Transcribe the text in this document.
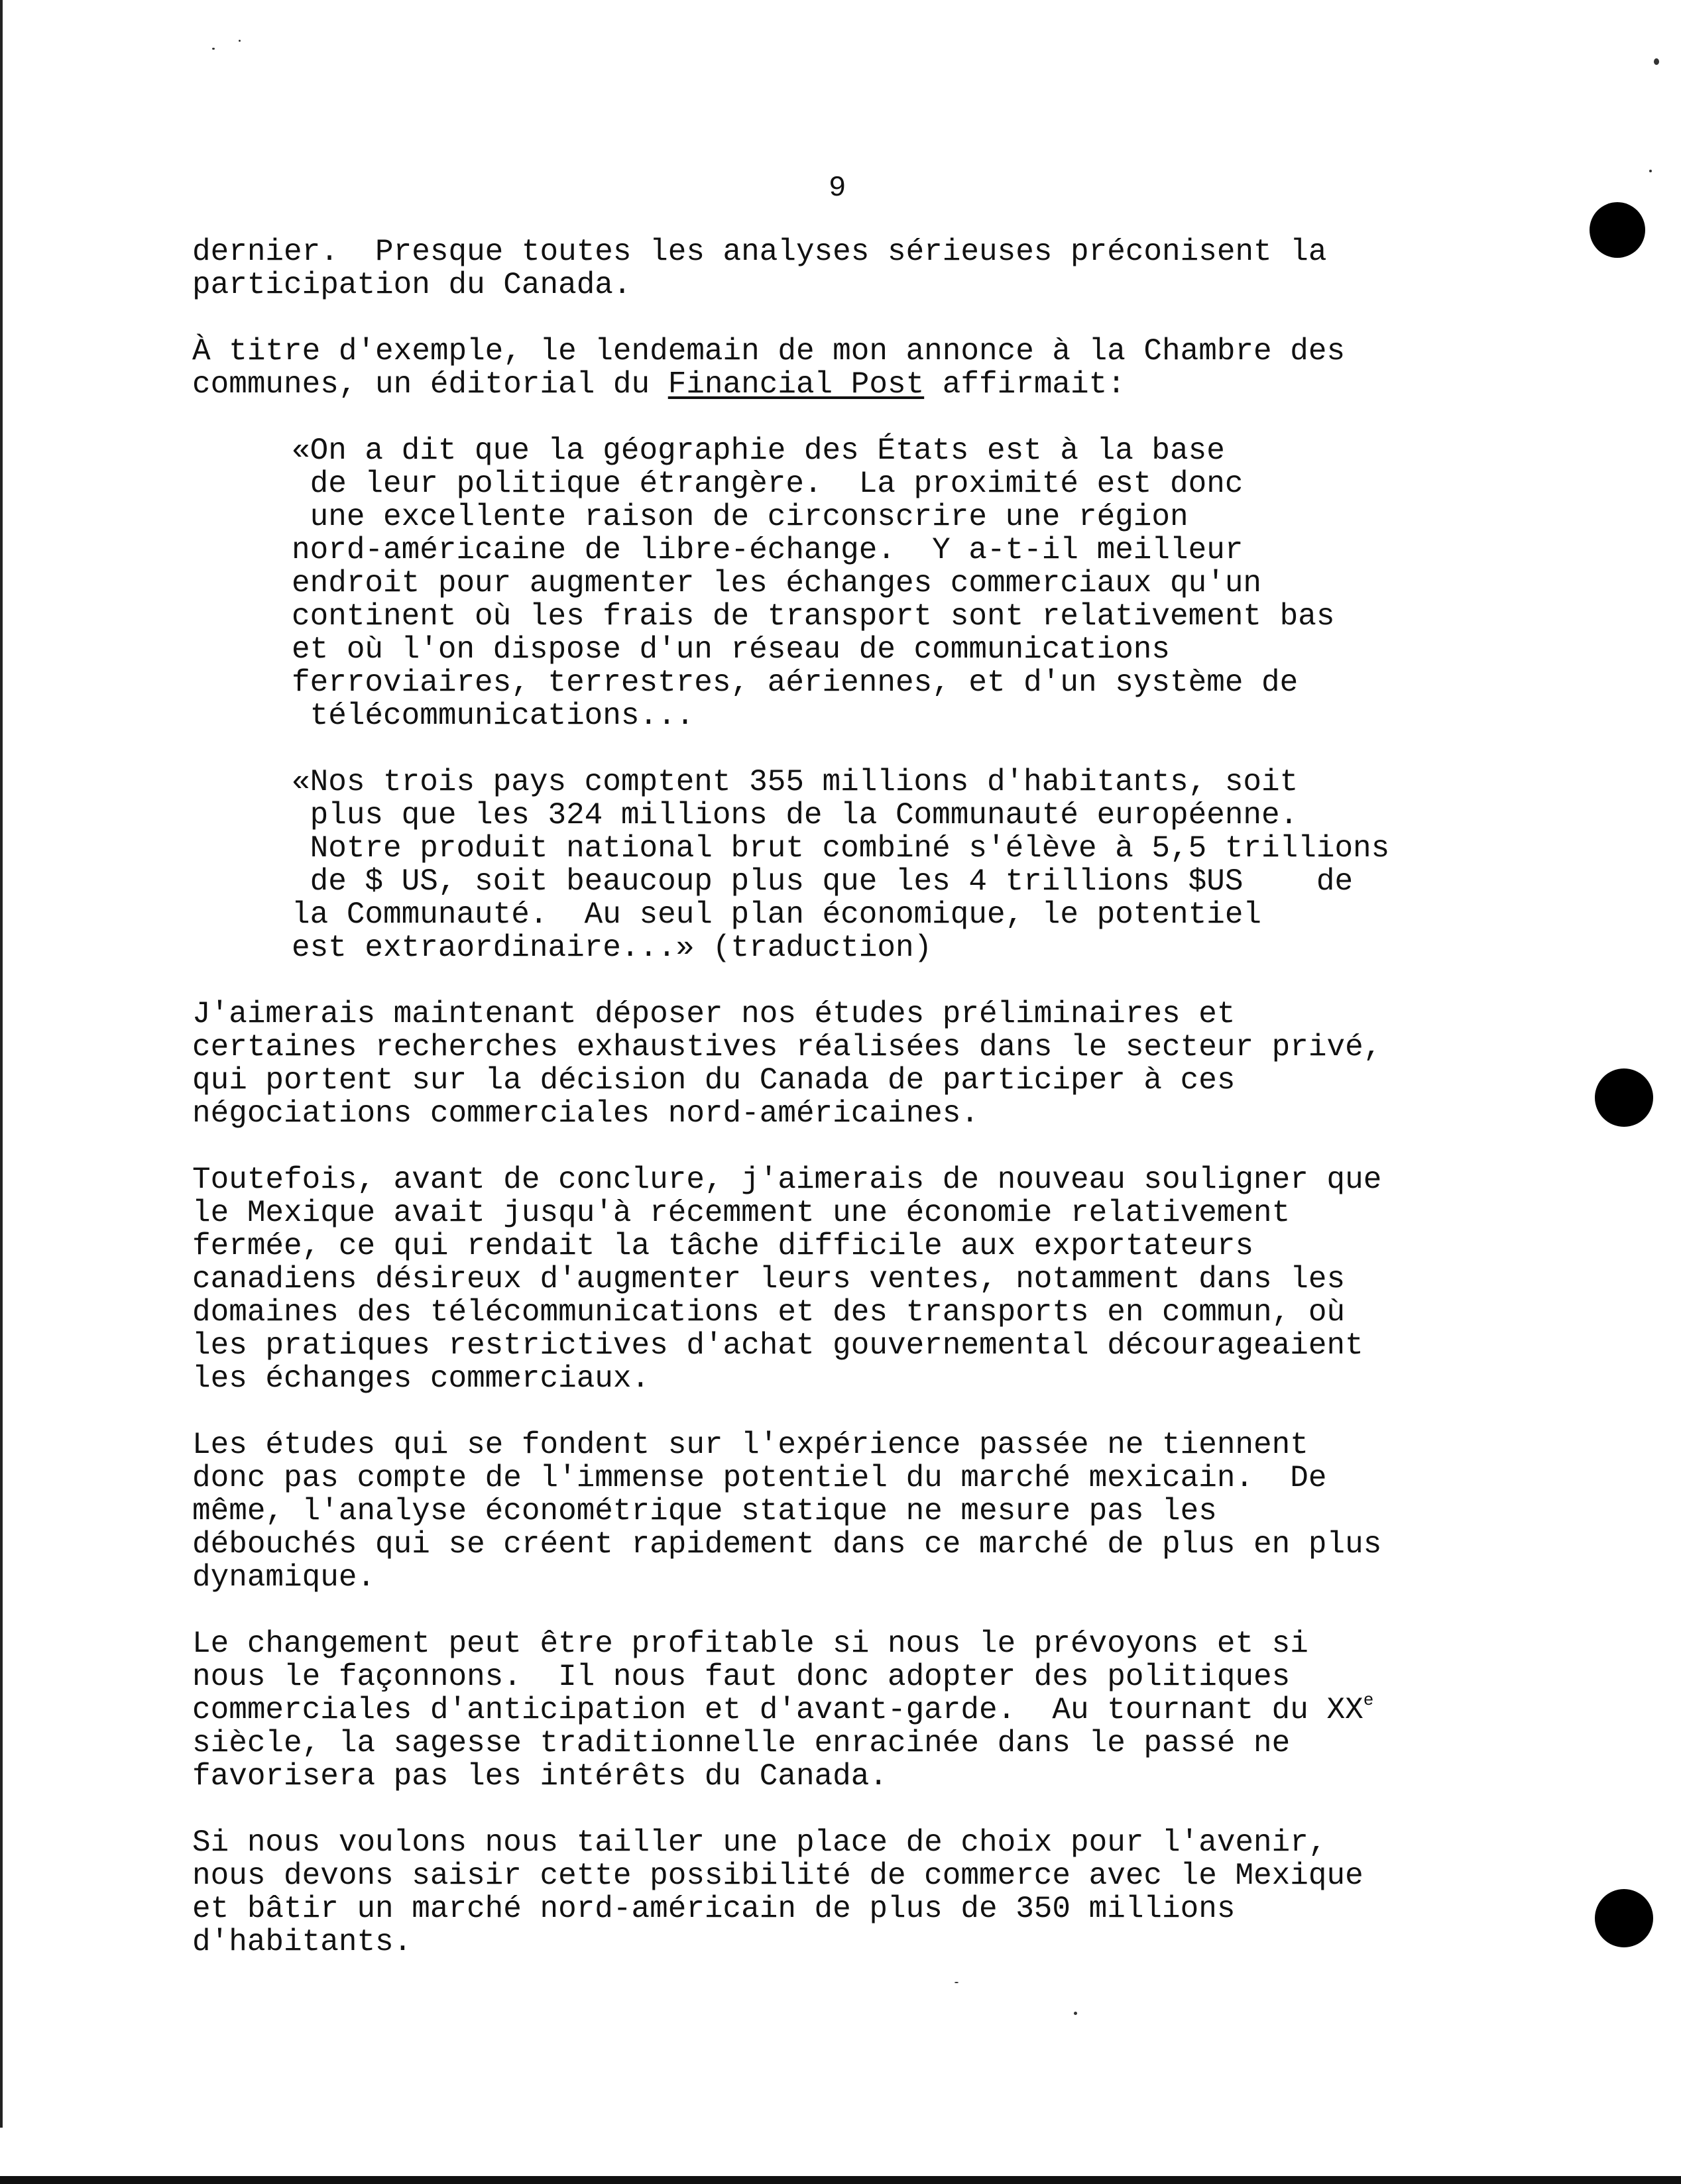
9
dernier.  Presque toutes les analyses sérieuses préconisent la
participation du Canada.
À titre d'exemple, le lendemain de mon annonce à la Chambre des
communes, un éditorial du Financial Post affirmait:
«On a dit que la géographie des États est à la base
de leur politique étrangère.  La proximité est donc
une excellente raison de circonscrire une région
nord-américaine de libre-échange.  Y a-t-il meilleur
endroit pour augmenter les échanges commerciaux qu'un
continent où les frais de transport sont relativement bas
et où l'on dispose d'un réseau de communications
ferroviaires, terrestres, aériennes, et d'un système de
télécommunications...
«Nos trois pays comptent 355 millions d'habitants, soit
plus que les 324 millions de la Communauté européenne.
Notre produit national brut combiné s'élève à 5,5 trillions
de $ US, soit beaucoup plus que les 4 trillions $US    de
la Communauté.  Au seul plan économique, le potentiel
est extraordinaire...» (traduction)
J'aimerais maintenant déposer nos études préliminaires et
certaines recherches exhaustives réalisées dans le secteur privé,
qui portent sur la décision du Canada de participer à ces
négociations commerciales nord-américaines.
Toutefois, avant de conclure, j'aimerais de nouveau souligner que
le Mexique avait jusqu'à récemment une économie relativement
fermée, ce qui rendait la tâche difficile aux exportateurs
canadiens désireux d'augmenter leurs ventes, notamment dans les
domaines des télécommunications et des transports en commun, où
les pratiques restrictives d'achat gouvernemental décourageaient
les échanges commerciaux.
Les études qui se fondent sur l'expérience passée ne tiennent
donc pas compte de l'immense potentiel du marché mexicain.  De
même, l'analyse économétrique statique ne mesure pas les
débouchés qui se créent rapidement dans ce marché de plus en plus
dynamique.
Le changement peut être profitable si nous le prévoyons et si
nous le façonnons.  Il nous faut donc adopter des politiques
commerciales d'anticipation et d'avant-garde.  Au tournant du XXe
siècle, la sagesse traditionnelle enracinée dans le passé ne
favorisera pas les intérêts du Canada.
Si nous voulons nous tailler une place de choix pour l'avenir,
nous devons saisir cette possibilité de commerce avec le Mexique
et bâtir un marché nord-américain de plus de 350 millions
d'habitants.
